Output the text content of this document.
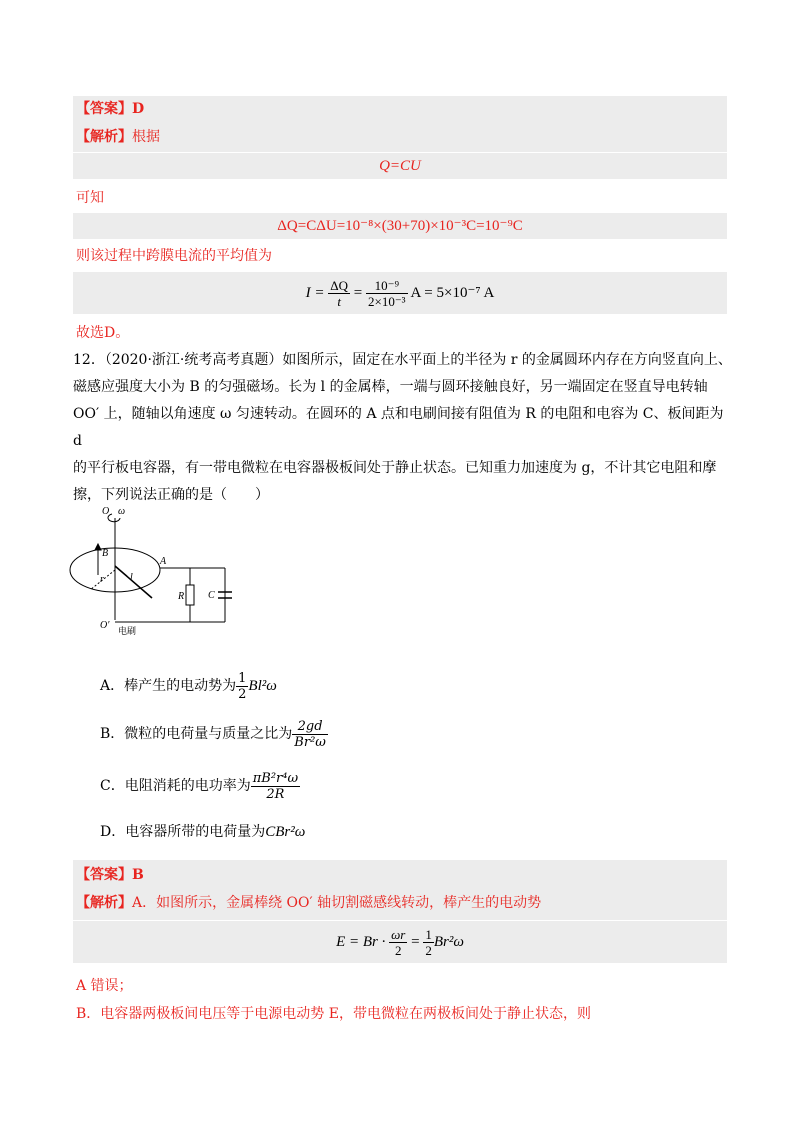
【答案】D
【解析】根据
Q=CU
可知
ΔQ=CΔU=10⁻⁸×(30+70)×10⁻³C=10⁻⁹C
则该过程中跨膜电流的平均值为
$I = \frac{\Delta Q}{t} = \frac{\text{10⁻⁹}}{\text{2×10⁻³}}$ A = 5×10⁻⁷ A
故选D。
12．（2020·浙江·统考高考真题）如图所示，固定在水平面上的半径为 r 的金属圆环内存在方向竖直向上、
磁感应强度大小为 B 的匀强磁场。长为 l 的金属棒，一端与圆环接触良好，另一端固定在竖直导电转轴
OO′ 上，随轴以角速度 ω 匀速转动。在圆环的 A 点和电刷间接有阻值为 R 的电阻和电容为 C、板间距为 d
的平行板电容器，有一带电微粒在电容器极板间处于静止状态。已知重力加速度为 g，不计其它电阻和摩
擦，下列说法正确的是（　　）
O ω
B
r	l
A
R C
O′
电刷
A．棒产生的电动势为 $\frac{1}{2} Bl^2\omega$
B．微粒的电荷量与质量之比为 $\frac{2gd}{\text{Br²ω}}$
C．电阻消耗的电功率为 $\frac{\text{πB²r⁴ω}}{2R}$
D．电容器所带的电荷量为CBr²ω
【答案】B
【解析】A．如图所示，金属棒绕 OO′ 轴切割磁感线转动，棒产生的电动势
$E = Br \cdot \frac{\omega r}{2} = \frac{1}{2} Br^2\omega$
A 错误；
B．电容器两极板间电压等于电源电动势 E，带电微粒在两极板间处于静止状态，则
